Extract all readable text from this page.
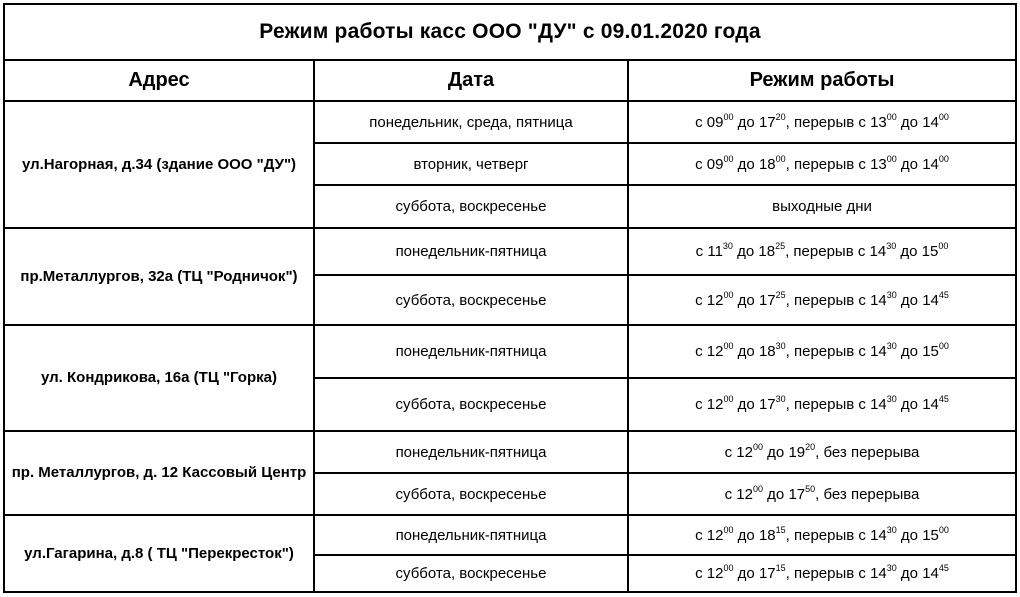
Режим работы касс ООО "ДУ" с 09.01.2020 года		
Адрес	Дата	Режим работы
ул.Нагорная, д.34 (здание ООО "ДУ")	понедельник, среда, пятница	с $09^{00}$ до $17^{20}$, перерыв с $13^{00}$ до $14^{00}$
	вторник, четверг	с $09^{00}$ до $18^{00}$, перерыв с $13^{00}$ до $14^{00}$
	суббота, воскресенье	выходные дни
пр.Металлургов, 32а (ТЦ "Родничок")	понедельник-пятница	с $11^{30}$ до $18^{25}$, перерыв с $14^{30}$ до $15^{00}$
	суббота, воскресенье	с $12^{00}$ до $17^{25}$, перерыв с $14^{30}$ до $14^{45}$
ул. Кондрикова, 16а (ТЦ "Горка)	понедельник-пятница	с $12^{00}$ до $18^{30}$, перерыв с $14^{30}$ до $15^{00}$
	суббота, воскресенье	с $12^{00}$ до $17^{30}$, перерыв с $14^{30}$ до $14^{45}$
пр. Металлургов, д. 12 Кассовый Центр	понедельник-пятница	с $12^{00}$ до $19^{20}$, без перерыва
	суббота, воскресенье	с $12^{00}$ до $17^{50}$, без перерыва
ул.Гагарина, д.8 ( ТЦ "Перекресток")	понедельник-пятница	с $12^{00}$ до $18^{15}$, перерыв с $14^{30}$ до $15^{00}$
	суббота, воскресенье	с $12^{00}$ до $17^{15}$, перерыв с $14^{30}$ до $14^{45}$
